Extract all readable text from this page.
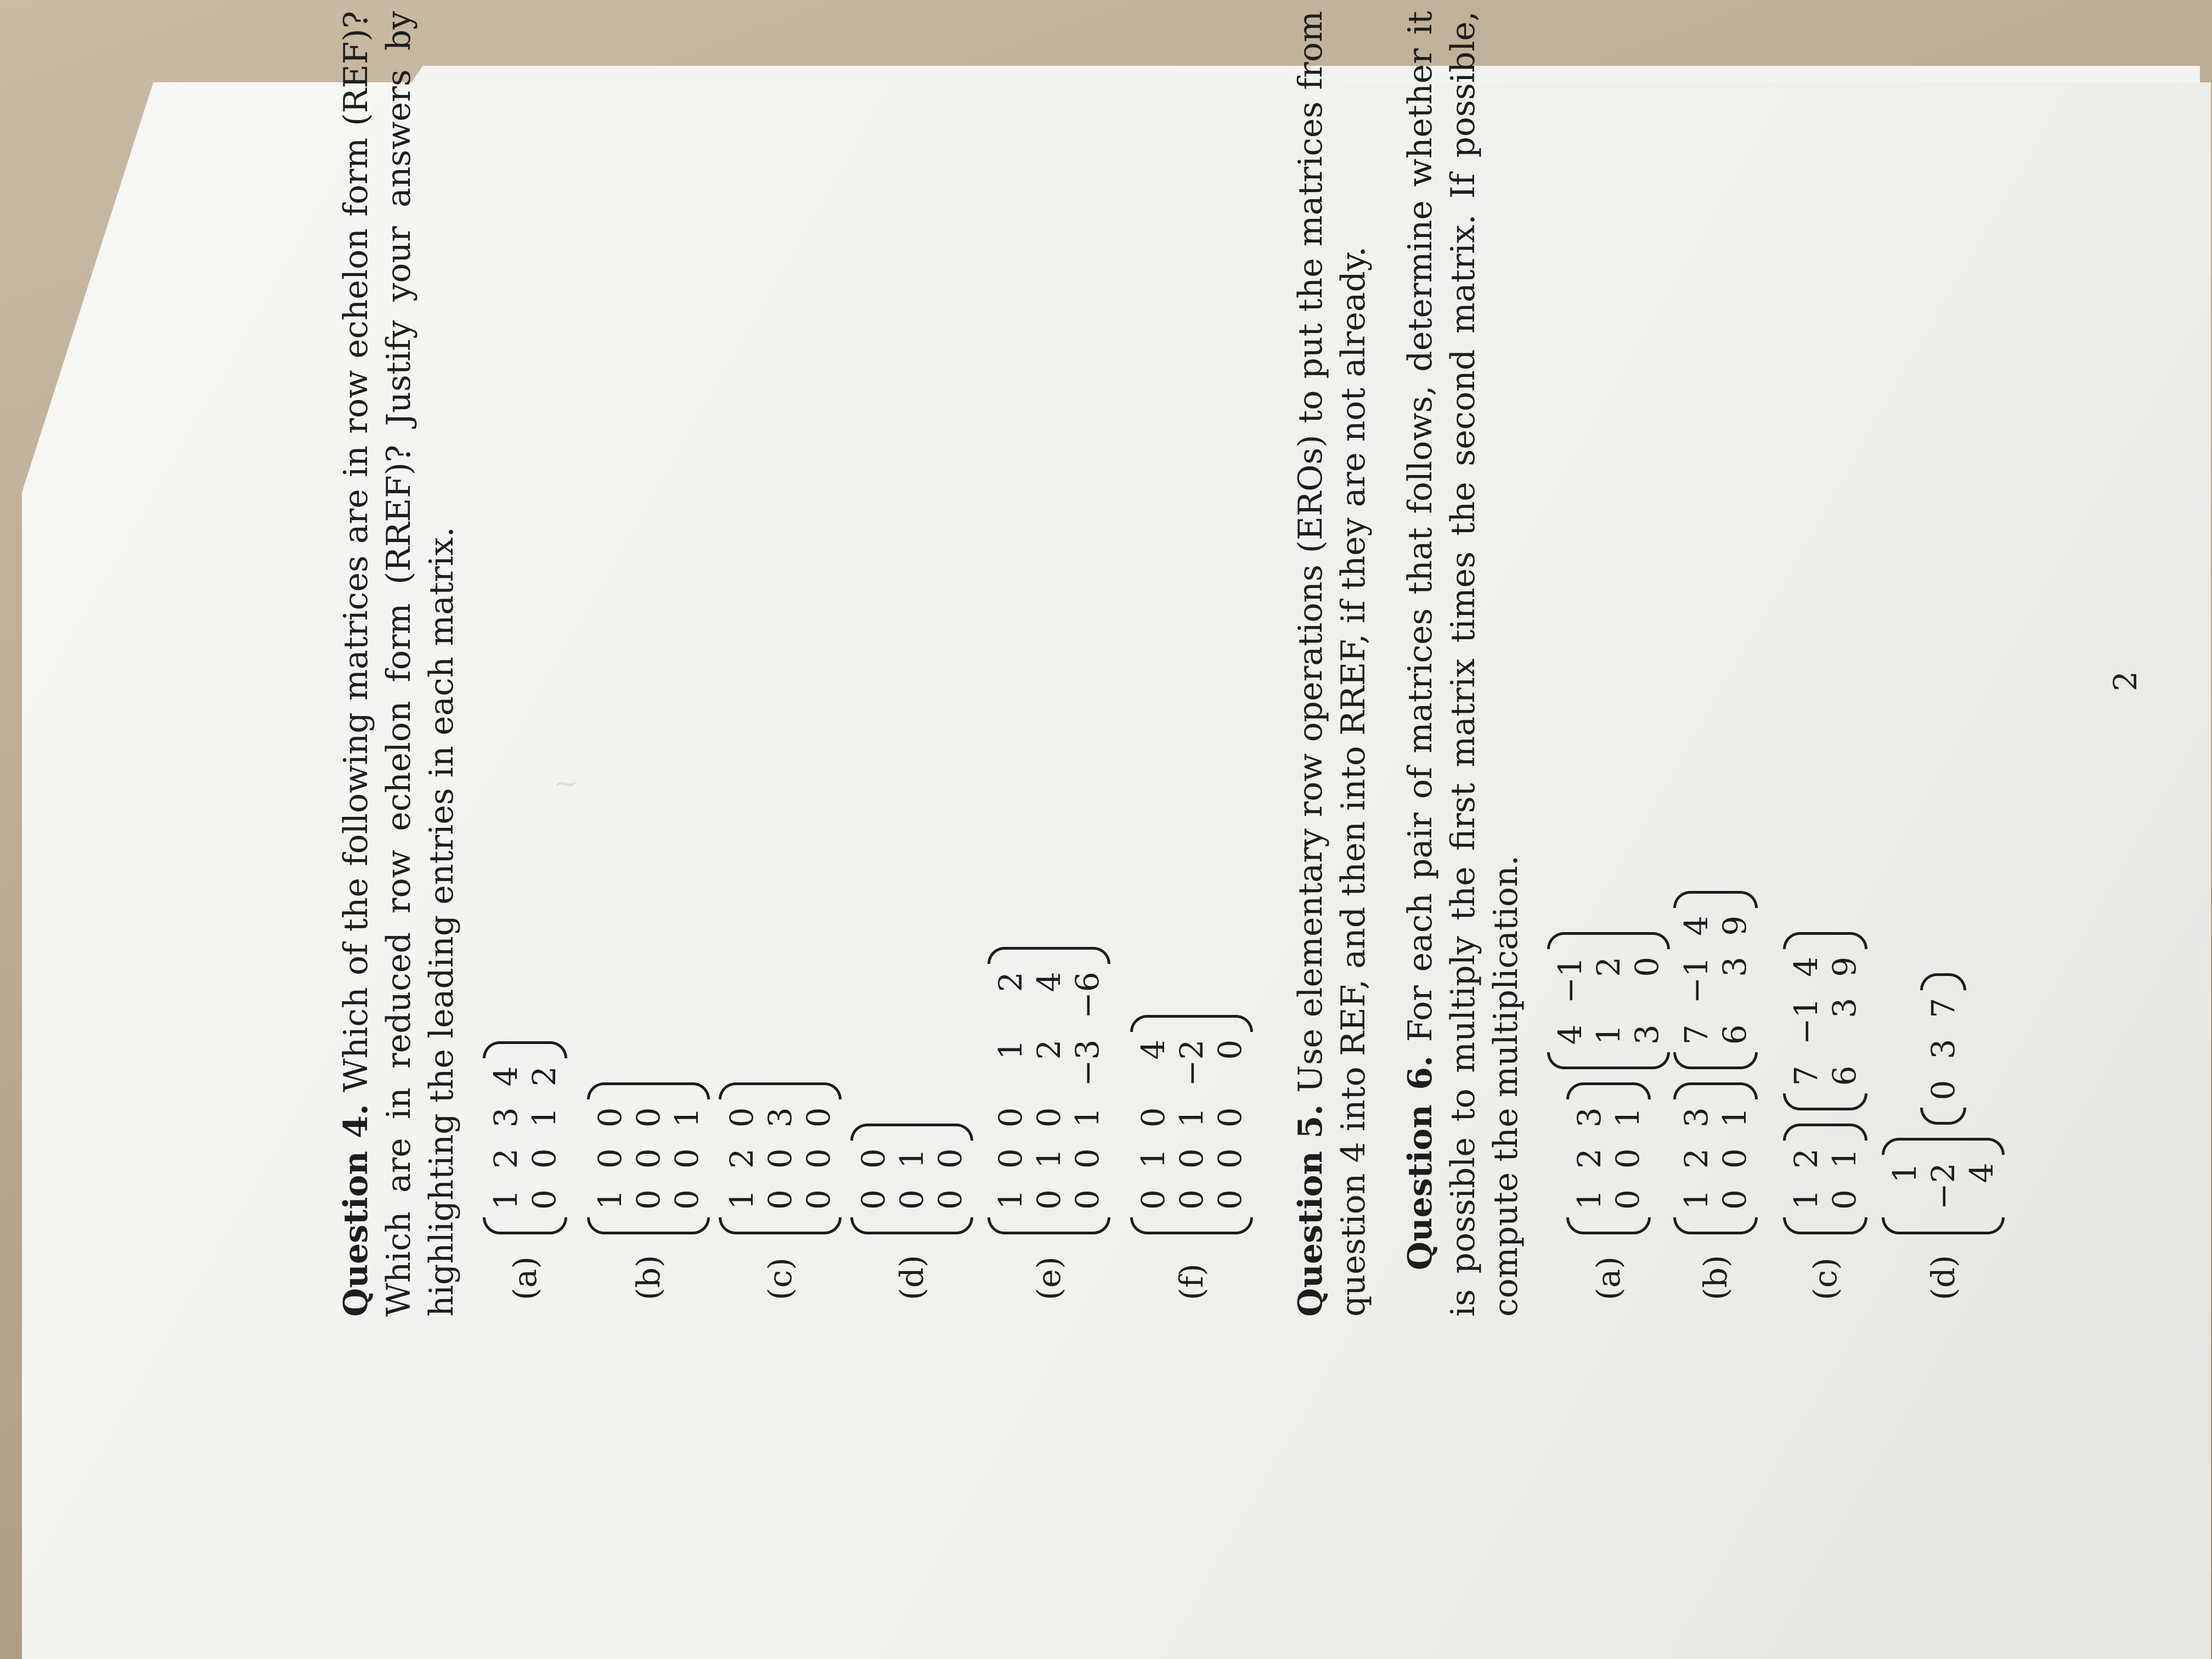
~

Question 4. Which of the following matrices are in row echelon form (REF)? Which are in reduced row echelon form (RREF)? Justify your answers by highlighting the leading entries in each matrix. (a)
1
2
3
4
0
0
1
2
(b)
1
0
0
0
0
0
0
0
1
(c)
1
2
0
0
0
3
0
0
0
(d)
0
0
0
1
0
0
(e)
1
0
0
1
2
0
1
0
2
4
0
0
1
−3
−6
(f)
0
1
0
4
0
0
1
−2
0
0
0
0

Question 5. Use elementary row operations (EROs) to put the matrices from question 4 into REF, and then into RREF, if they are not already. Question 6. For each pair of matrices that follows, determine whether it is possible to multiply the first matrix times the second matrix. If possible, compute the multiplication. (a)
1
2
3
0
0
1
4
−1
1
2
3
0
(b)
1
2
3
0
0
1
7
−1
4
6
3
9
(c)
1
2
0
1
7
−1
4
6
3
9
(d)
1 −2 4
0
3
7
2
